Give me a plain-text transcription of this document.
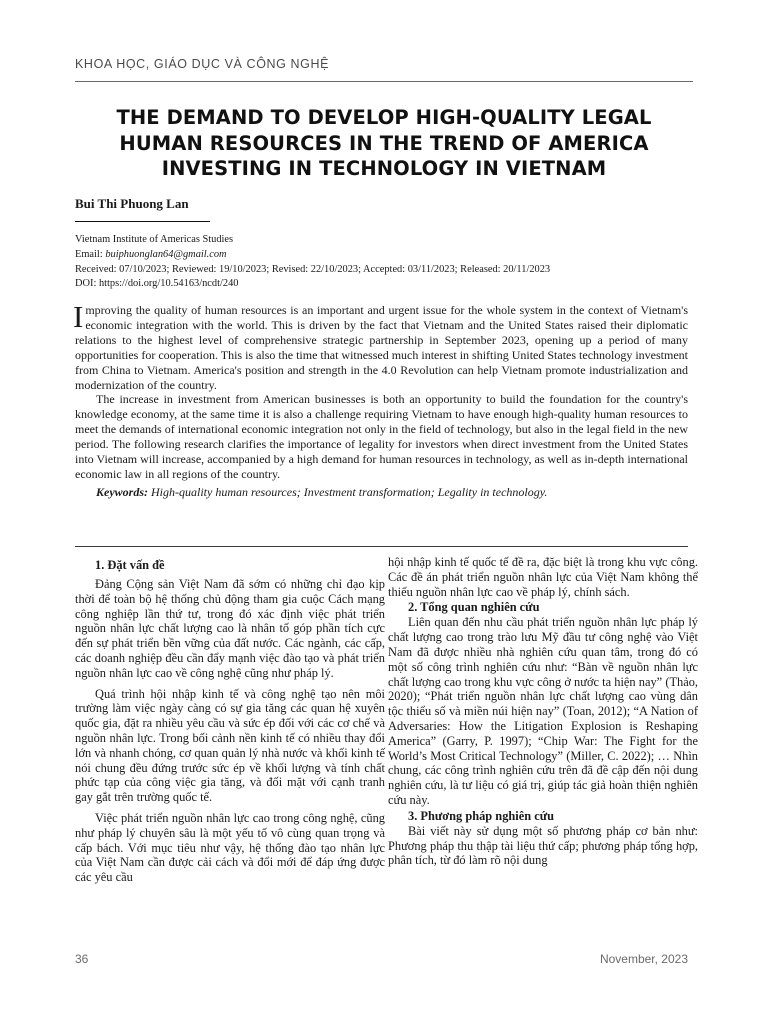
KHOA HỌC, GIÁO DỤC VÀ CÔNG NGHỆ
THE DEMAND TO DEVELOP HIGH-QUALITY LEGAL HUMAN RESOURCES IN THE TREND OF AMERICA INVESTING IN TECHNOLOGY IN VIETNAM
Bui Thi Phuong Lan
Vietnam Institute of Americas Studies
Email: buiphuonglan64@gmail.com
Received: 07/10/2023; Reviewed: 19/10/2023; Revised: 22/10/2023; Accepted: 03/11/2023; Released: 20/11/2023
DOI: https://doi.org/10.54163/ncdt/240

Improving the quality of human resources is an important and urgent issue for the whole system in the context of Vietnam's economic integration with the world. This is driven by the fact that Vietnam and the United States raised their diplomatic relations to the highest level of comprehensive strategic partnership in September 2023, opening up a period of many opportunities for cooperation. This is also the time that witnessed much interest in shifting United States technology investment from China to Vietnam. America's position and strength in the 4.0 Revolution can help Vietnam promote industrialization and modernization of the country.

The increase in investment from American businesses is both an opportunity to build the foundation for the country's knowledge economy, at the same time it is also a challenge requiring Vietnam to have enough high-quality human resources to meet the demands of international economic integration not only in the field of technology, but also in the legal field in the new period. The following research clarifies the importance of legality for investors when direct investment from the United States into Vietnam will increase, accompanied by a high demand for human resources in technology, as well as in-depth international economic law in all regions of the country.

Keywords: High-quality human resources; Investment transformation; Legality in technology.

1. Đặt vấn đề

Đảng Cộng sản Việt Nam đã sớm có những chỉ đạo kịp thời để toàn bộ hệ thống chủ động tham gia cuộc Cách mạng công nghiệp lần thứ tư, trong đó xác định việc phát triển nguồn nhân lực chất lượng cao là nhân tố góp phần tích cực đến sự phát triển bền vững của đất nước. Các ngành, các cấp, các doanh nghiệp đều cần đẩy mạnh việc đào tạo và phát triển nguồn nhân lực cao về công nghệ cũng như pháp lý.

Quá trình hội nhập kinh tế và công nghệ tạo nên môi trường làm việc ngày càng có sự gia tăng các quan hệ xuyên quốc gia, đặt ra nhiều yêu cầu và sức ép đối với các cơ chế và nguồn nhân lực. Trong bối cảnh nền kinh tế có nhiều thay đổi lớn và nhanh chóng, cơ quan quản lý nhà nước và khối kinh tế nói chung đều đứng trước sức ép về khối lượng và tính chất phức tạp của công việc gia tăng, và đối mặt với cạnh tranh gay gắt trên trường quốc tế.

Việc phát triển nguồn nhân lực cao trong công nghệ, cũng như pháp lý chuyên sâu là một yếu tố vô cùng quan trọng và cấp bách. Với mục tiêu như vậy, hệ thống đào tạo nhân lực của Việt Nam cần được cải cách và đổi mới để đáp ứng được các yêu cầu

hội nhập kinh tế quốc tế đề ra, đặc biệt là trong khu vực công. Các đề án phát triển nguồn nhân lực của Việt Nam không thể thiếu nguồn nhân lực cao về pháp lý, chính sách.

2. Tổng quan nghiên cứu

Liên quan đến nhu cầu phát triển nguồn nhân lực pháp lý chất lượng cao trong trào lưu Mỹ đầu tư công nghệ vào Việt Nam đã được nhiều nhà nghiên cứu quan tâm, trong đó có một số công trình nghiên cứu như: “Bàn về nguồn nhân lực chất lượng cao trong khu vực công ở nước ta hiện nay” (Thảo, 2020); “Phát triển nguồn nhân lực chất lượng cao vùng dân tộc thiểu số và miền núi hiện nay” (Toan, 2012); “A Nation of Adversaries: How the Litigation Explosion is Reshaping America” (Garry, P. 1997); “Chip War: The Fight for the World’s Most Critical Technology” (Miller, C. 2022); … Nhìn chung, các công trình nghiên cứu trên đã đề cập đến nội dung nghiên cứu, là tư liệu có giá trị, giúp tác giả hoàn thiện nghiên cứu này.

3. Phương pháp nghiên cứu

Bài viết này sử dụng một số phương pháp cơ bản như: Phương pháp thu thập tài liệu thứ cấp; phương pháp tổng hợp, phân tích, từ đó làm rõ nội dung

36	November, 2023
